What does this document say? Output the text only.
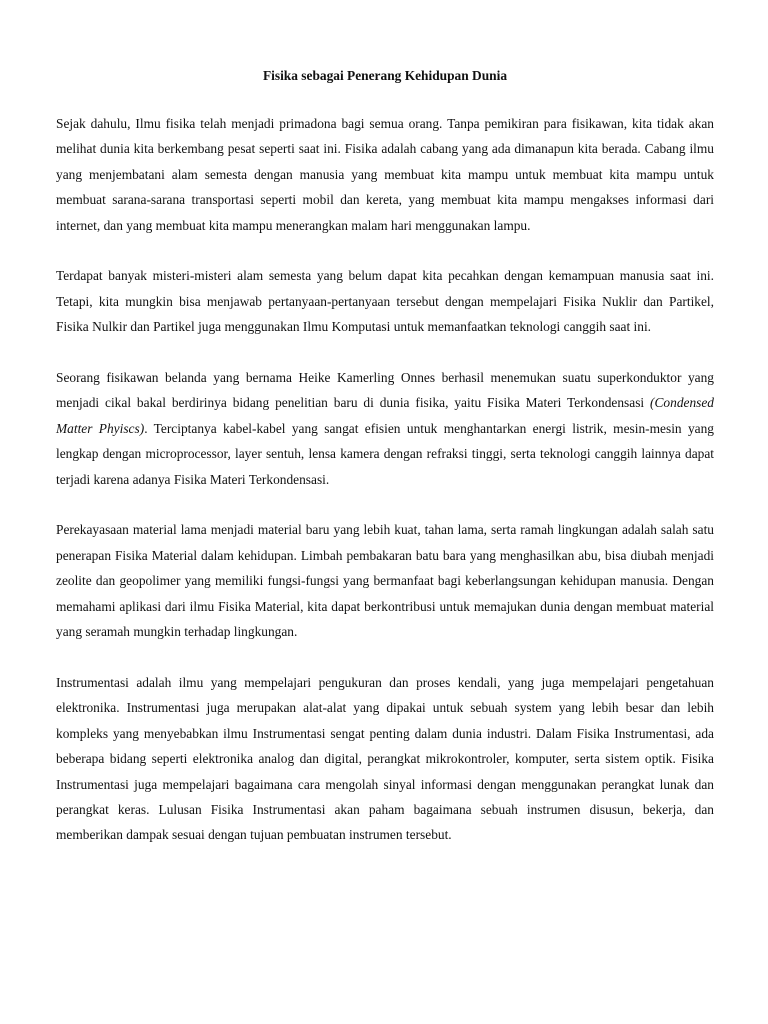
Fisika sebagai Penerang Kehidupan Dunia

Sejak dahulu, Ilmu fisika telah menjadi primadona bagi semua orang. Tanpa pemikiran para fisikawan, kita tidak akan melihat dunia kita berkembang pesat seperti saat ini. Fisika adalah cabang yang ada dimanapun kita berada. Cabang ilmu yang menjembatani alam semesta dengan manusia yang membuat kita mampu untuk membuat kita mampu untuk membuat sarana-sarana transportasi seperti mobil dan kereta, yang membuat kita mampu mengakses informasi dari internet, dan yang membuat kita mampu menerangkan malam hari menggunakan lampu.

Terdapat banyak misteri-misteri alam semesta yang belum dapat kita pecahkan dengan kemampuan manusia saat ini. Tetapi, kita mungkin bisa menjawab pertanyaan-pertanyaan tersebut dengan mempelajari Fisika Nuklir dan Partikel, Fisika Nulkir dan Partikel juga menggunakan Ilmu Komputasi untuk memanfaatkan teknologi canggih saat ini.

Seorang fisikawan belanda yang bernama Heike Kamerling Onnes berhasil menemukan suatu superkonduktor yang menjadi cikal bakal berdirinya bidang penelitian baru di dunia fisika, yaitu Fisika Materi Terkondensasi (Condensed Matter Phyiscs). Terciptanya kabel-kabel yang sangat efisien untuk menghantarkan energi listrik, mesin-mesin yang lengkap dengan microprocessor, layer sentuh, lensa kamera dengan refraksi tinggi, serta teknologi canggih lainnya dapat terjadi karena adanya Fisika Materi Terkondensasi.

Perekayasaan material lama menjadi material baru yang lebih kuat, tahan lama, serta ramah lingkungan adalah salah satu penerapan Fisika Material dalam kehidupan. Limbah pembakaran batu bara yang menghasilkan abu, bisa diubah menjadi zeolite dan geopolimer yang memiliki fungsi-fungsi yang bermanfaat bagi keberlangsungan kehidupan manusia. Dengan memahami aplikasi dari ilmu Fisika Material, kita dapat berkontribusi untuk memajukan dunia dengan membuat material yang seramah mungkin terhadap lingkungan.

Instrumentasi adalah ilmu yang mempelajari pengukuran dan proses kendali, yang juga mempelajari pengetahuan elektronika. Instrumentasi juga merupakan alat-alat yang dipakai untuk sebuah system yang lebih besar dan lebih kompleks yang menyebabkan ilmu Instrumentasi sengat penting dalam dunia industri. Dalam Fisika Instrumentasi, ada beberapa bidang seperti elektronika analog dan digital, perangkat mikrokontroler, komputer, serta sistem optik. Fisika Instrumentasi juga mempelajari bagaimana cara mengolah sinyal informasi dengan menggunakan perangkat lunak dan perangkat keras. Lulusan Fisika Instrumentasi akan paham bagaimana sebuah instrumen disusun, bekerja, dan memberikan dampak sesuai dengan tujuan pembuatan instrumen tersebut.
